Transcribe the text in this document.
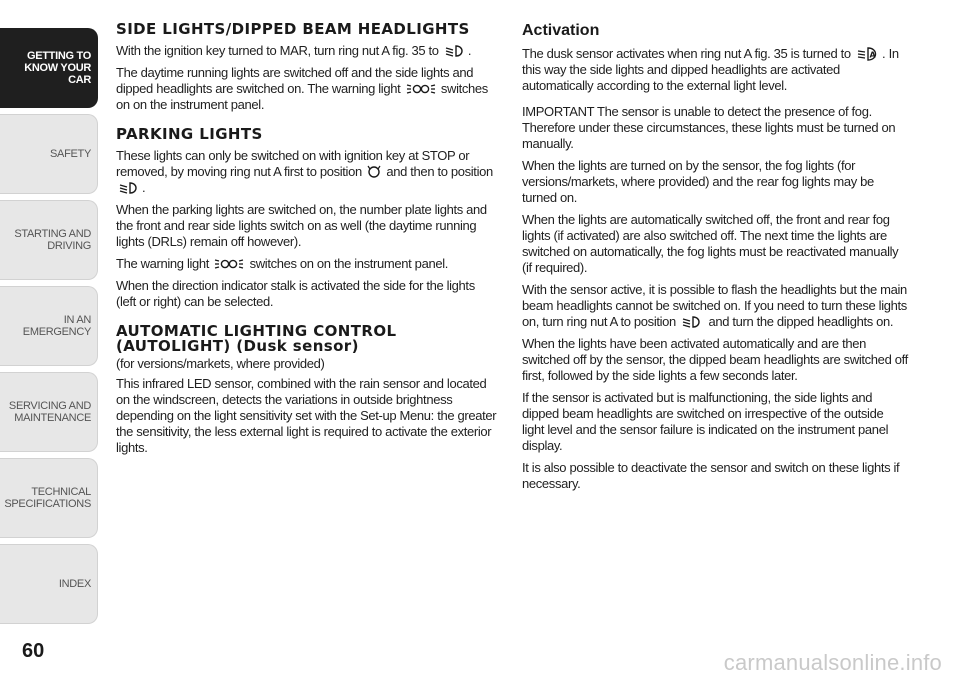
GETTING TO
KNOW YOUR CAR
SAFETY
STARTING AND
DRIVING
IN AN EMERGENCY
SERVICING AND
MAINTENANCE
TECHNICAL
SPECIFICATIONS
INDEX
60
SIDE LIGHTS/DIPPED BEAM HEADLIGHTS

With the ignition key turned to MAR, turn ring nut A fig. 35 to .

The daytime running lights are switched off and the side lights and dipped headlights are switched on. The warning light	switches on on the instrument panel.

PARKING LIGHTS

These lights can only be switched on with ignition key at STOP or removed, by moving ring nut A first to position and then to position .

When the parking lights are switched on, the number plate lights and the front and rear side lights switch on as well (the daytime running lights (DRLs) remain off however).

The warning light	switches on on the instrument panel.

When the direction indicator stalk is activated the side for the lights (left or right) can be selected.

AUTOMATIC LIGHTING CONTROL (AUTOLIGHT) (Dusk sensor)

(for versions/markets, where provided)

This infrared LED sensor, combined with the rain sensor and located on the windscreen, detects the variations in outside brightness depending on the light sensitivity set with the Set-up Menu: the greater the sensitivity, the less external light is required to activate the exterior lights.

Activation

The dusk sensor activates when ring nut A fig. 35 is turned to A . In this way the side lights and dipped headlights are activated automatically according to the external light level.

IMPORTANT The sensor is unable to detect the presence of fog. Therefore under these circumstances, these lights must be turned on manually.

When the lights are turned on by the sensor, the fog lights (for versions/markets, where provided) and the rear fog lights may be turned on.

When the lights are automatically switched off, the front and rear fog lights (if activated) are also switched off. The next time the lights are switched on automatically, the fog lights must be reactivated manually (if required).

With the sensor active, it is possible to flash the headlights but the main beam headlights cannot be switched on. If you need to turn these lights on, turn ring nut A to position	and turn the dipped headlights on.

When the lights have been activated automatically and are then switched off by the sensor, the dipped beam headlights are switched off first, followed by the side lights a few seconds later.

If the sensor is activated but is malfunctioning, the side lights and dipped beam headlights are switched on irrespective of the outside light level and the sensor failure is indicated on the instrument panel display.

It is also possible to deactivate the sensor and switch on these lights if necessary.

carmanualsonline.info
